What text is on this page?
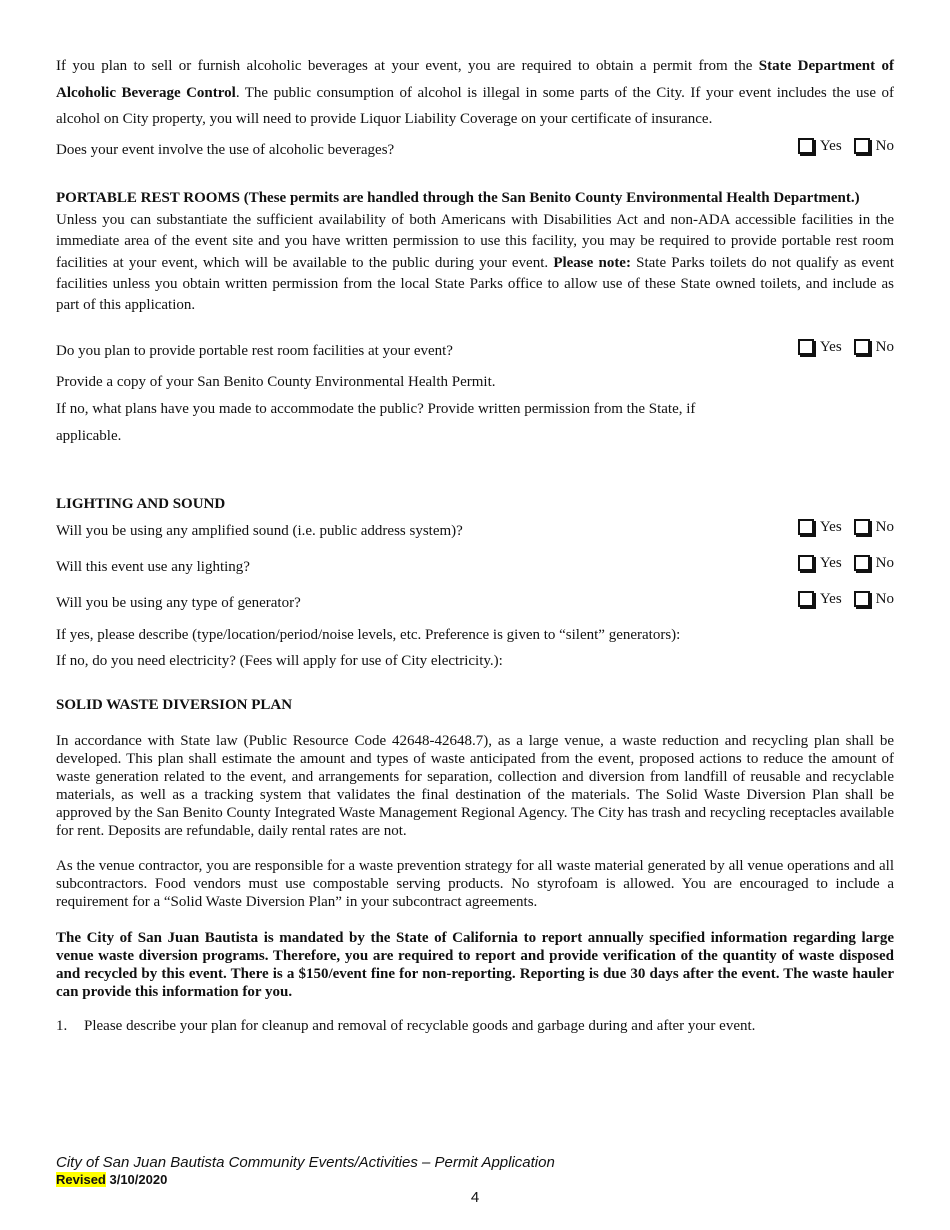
If you plan to sell or furnish alcoholic beverages at your event, you are required to obtain a permit from the State Department of Alcoholic Beverage Control. The public consumption of alcohol is illegal in some parts of the City. If your event includes the use of alcohol on City property, you will need to provide Liquor Liability Coverage on your certificate of insurance.
Does your event involve the use of alcoholic beverages?	Yes No
PORTABLE REST ROOMS (These permits are handled through the San Benito County Environmental Health Department.)
Unless you can substantiate the sufficient availability of both Americans with Disabilities Act and non-ADA accessible facilities in the immediate area of the event site and you have written permission to use this facility, you may be required to provide portable rest room facilities at your event, which will be available to the public during your event. Please note: State Parks toilets do not qualify as event facilities unless you obtain written permission from the local State Parks office to allow use of these State owned toilets, and include as part of this application.
Do you plan to provide portable rest room facilities at your event?	Yes No
Provide a copy of your San Benito County Environmental Health Permit.
If no, what plans have you made to accommodate the public? Provide written permission from the State, if
applicable.
LIGHTING AND SOUND
Will you be using any amplified sound (i.e. public address system)?	Yes No
Will this event use any lighting?	Yes No
Will you be using any type of generator?	Yes No
If yes, please describe (type/location/period/noise levels, etc. Preference is given to “silent” generators):
If no, do you need electricity? (Fees will apply for use of City electricity.):
SOLID WASTE DIVERSION PLAN
In accordance with State law (Public Resource Code 42648-42648.7), as a large venue, a waste reduction and recycling plan shall be developed. This plan shall estimate the amount and types of waste anticipated from the event, proposed actions to reduce the amount of waste generation related to the event, and arrangements for separation, collection and diversion from landfill of reusable and recyclable materials, as well as a tracking system that validates the final destination of the materials. The Solid Waste Diversion Plan shall be approved by the San Benito County Integrated Waste Management Regional Agency. The City has trash and recycling receptacles available for rent. Deposits are refundable, daily rental rates are not.
As the venue contractor, you are responsible for a waste prevention strategy for all waste material generated by all venue operations and all subcontractors. Food vendors must use compostable serving products. No styrofoam is allowed. You are encouraged to include a requirement for a “Solid Waste Diversion Plan” in your subcontract agreements.
The City of San Juan Bautista is mandated by the State of California to report annually specified information regarding large venue waste diversion programs. Therefore, you are required to report and provide verification of the quantity of waste disposed and recycled by this event. There is a $150/event fine for non-reporting. Reporting is due 30 days after the event. The waste hauler can provide this information for you.
1. Please describe your plan for cleanup and removal of recyclable goods and garbage during and after your event.
City of San Juan Bautista Community Events/Activities – Permit Application
Revised 3/10/2020
4
